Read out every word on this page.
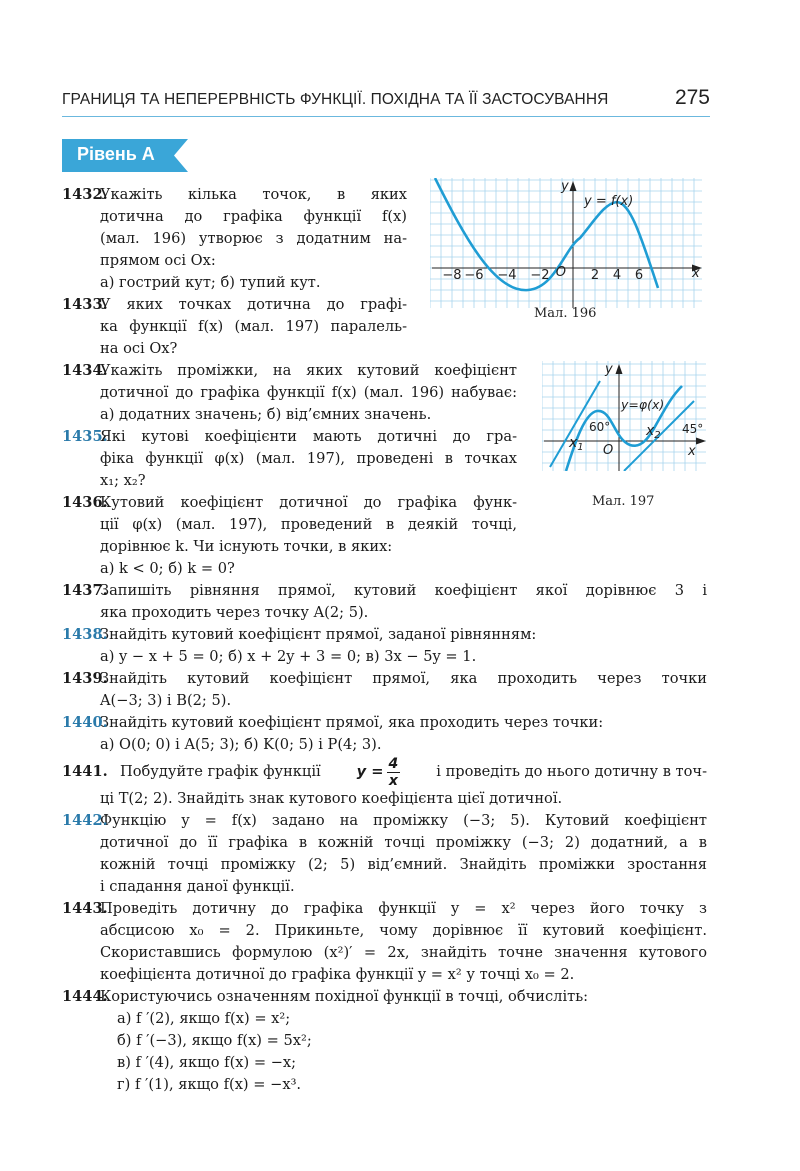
ГРАНИЦЯ ТА НЕПЕРЕРВНІСТЬ ФУНКЦІЇ. ПОХІДНА ТА ЇЇ ЗАСТОСУВАННЯ	275
Рівень А
−8 −6 −4 −2	2 4 6
O	x
y
y = f(x)
Мал. 196
60°	45°
$x_1$
$x_2$
O	x
y
y=φ(x)
Мал. 197
1432.
Укажіть кілька точок, в яких
дотична до графіка функції f(x)
(мал. 196) утворює з додатним на-
прямом осі Ox:
а) гострий кут; б) тупий кут.
1433.
У яких точках дотична до графі-
ка функції f(x) (мал. 197) паралель-
на осі Ox?
1434.
Укажіть проміжки, на яких кутовий коефіцієнт
дотичної до графіка функції f(x) (мал. 196) набуває:
а) додатних значень; б) від’ємних значень.
1435.
Які кутові коефіцієнти мають дотичні до гра-
фіка функції φ(x) (мал. 197), проведені в точках
x₁; x₂?
1436.
Кутовий коефіцієнт дотичної до графіка функ-
ції φ(x) (мал. 197), проведений в деякій точці,
дорівнює k. Чи існують точки, в яких:
а) k < 0; б) k = 0?
1437.
Запишіть рівняння прямої, кутовий коефіцієнт якої дорівнює 3 і
яка проходить через точку A(2; 5).
1438.
Знайдіть кутовий коефіцієнт прямої, заданої рівнянням:
а) y − x + 5 = 0; б) x + 2y + 3 = 0; в) 3x − 5y = 1.
1439.
Знайдіть кутовий коефіцієнт прямої, яка проходить через точки
A(−3; 3) і B(2; 5).
1440.
Знайдіть кутовий коефіцієнт прямої, яка проходить через точки:
а) O(0; 0) і A(5; 3); б) K(0; 5) і P(4; 3).
1441. Побудуйте графік функції $y = \frac{4}{x}$ і проведіть до нього дотичну в точ-
ці T(2; 2). Знайдіть знак кутового коефіцієнта цієї дотичної.
1442.
Функцію y = f(x) задано на проміжку (−3; 5). Кутовий коефіцієнт
дотичної до її графіка в кожній точці проміжку (−3; 2) додатний, а в
кожній точці проміжку (2; 5) від’ємний. Знайдіть проміжки зростання
і спадання даної функції.
1443.
Проведіть дотичну до графіка функції y = x² через його точку з
абсцисою x₀ = 2. Прикиньте, чому дорівнює її кутовий коефіцієнт.
Скориставшись формулою (x²)′ = 2x, знайдіть точне значення кутового
коефіцієнта дотичної до графіка функції y = x² у точці x₀ = 2.
1444.
Користуючись означенням похідної функції в точці, обчисліть:
а) f ′(2), якщо f(x) = x²;
б) f ′(−3), якщо f(x) = 5x²;
в) f ′(4), якщо f(x) = −x;
г) f ′(1), якщо f(x) = −x³.
